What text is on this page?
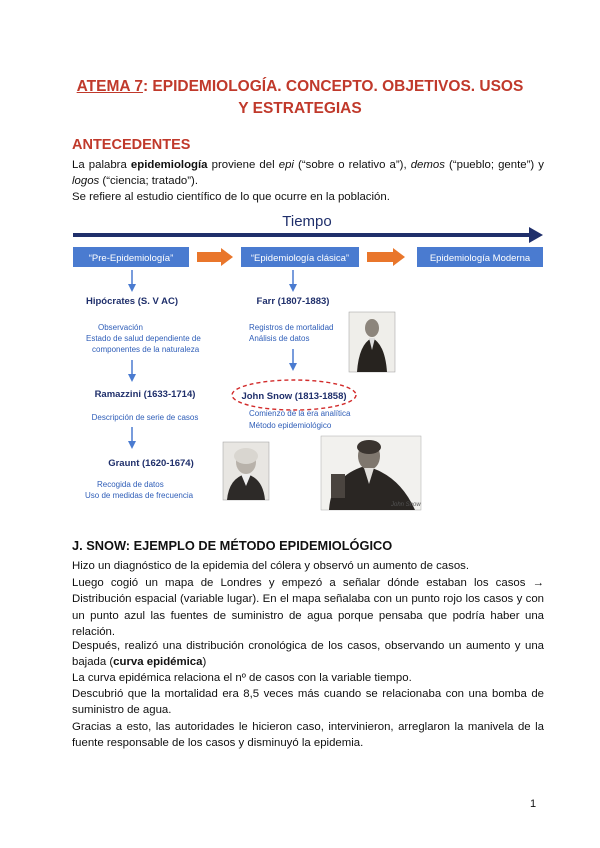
ATEMA 7: EPIDEMIOLOGÍA. CONCEPTO. OBJETIVOS. USOS
Y ESTRATEGIAS
ANTECEDENTES
La palabra epidemiología proviene del epi (“sobre o relativo a”), demos (“pueblo; gente”) y logos (“ciencia; tratado”).
Se refiere al estudio científico de lo que ocurre en la población.
Tiempo
“Pre-Epidemiología”	“Epidemiología clásica”	Epidemiología Moderna
Hipócrates (S. V AC)
Observación
Estado de salud dependiente de
componentes de la naturaleza
Ramazzini (1633-1714)
Descripción de serie de casos
Graunt (1620-1674)
Recogida de datos
Uso de medidas de frecuencia
Farr (1807-1883)
Registros de mortalidad
Análisis de datos
John Snow (1813-1858)
Comienzo de la era analítica
Método epidemiológico
John Snow
J. SNOW: EJEMPLO DE MÉTODO EPIDEMIOLÓGICO
Hizo un diagnóstico de la epidemia del cólera y observó un aumento de casos.
Luego cogió un mapa de Londres y empezó a señalar dónde estaban los casos → Distribución espacial (variable lugar). En el mapa señalaba con un punto rojo los casos y con un punto azul las fuentes de suministro de agua porque pensaba que podría haber una relación.
Después, realizó una distribución cronológica de los casos, observando un aumento y una bajada (curva epidémica)
La curva epidémica relaciona el nº de casos con la variable tiempo.
Descubrió que la mortalidad era 8,5 veces más cuando se relacionaba con una bomba de suministro de agua.
Gracias a esto, las autoridades le hicieron caso, intervinieron, arreglaron la manivela de la fuente responsable de los casos y disminuyó la epidemia.
1
